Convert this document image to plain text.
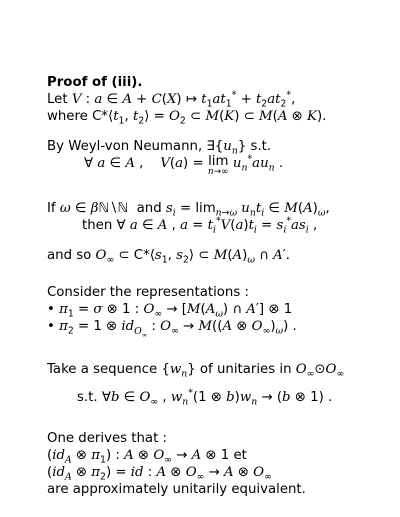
Proof of (iii).
Let V : a ∈ A + C(X) ↦ $t_1at_1^* + t_2at_2^*$,
where $C*⟨t_1$, $t_2⟩ = O_2$ ⊂ M(K) ⊂ M(A ⊗ K).
By Weyl-von Neumann, $\exists\{u_n\}$ s.t.
∀ a ∈ A ,    V(a) = lim
n→∞
$u_n^*au_n$ .
If ω ∈ βℕ∖ℕ  and $s_i = \lim_{n\to\omega} u_nt_i$ ∈ $M(A)_\omega$,
then ∀ a ∈ A , $a = t_i^*V(a)t_i = s_i^*as_i$ ,
and so $O_\infty$ ⊂ $C*⟨s_1$, $s_2⟩$ ⊂ $M(A)_\omega$ ∩ A′.
Consider the representations :
• $\pi_1 = \sigma$ ⊗ 1 : $O_\infty \to [M(A_\omega)$ ∩ A′] ⊗ 1
• $\pi_2 = 1$ ⊗ $id_{O_\infty}$ : $O_\infty \to M((A$ ⊗ $O_\infty)_\omega$) .
Take a sequence $\{w_n\}$ of unitaries in $O_\infty⊙O_\infty$
s.t. ∀b ∈ $O_\infty$ , $w_n^*(1$ ⊗ $b)w_n \to (b$ ⊗ 1) .
One derives that :
($id_A$ ⊗ $\pi_1$) : A ⊗ $O_\infty \to A$ ⊗ 1 et
($id_A$ ⊗ $\pi_2$) = id : A ⊗ $O_\infty \to A$ ⊗ $O_\infty$
are approximately unitarily equivalent.
